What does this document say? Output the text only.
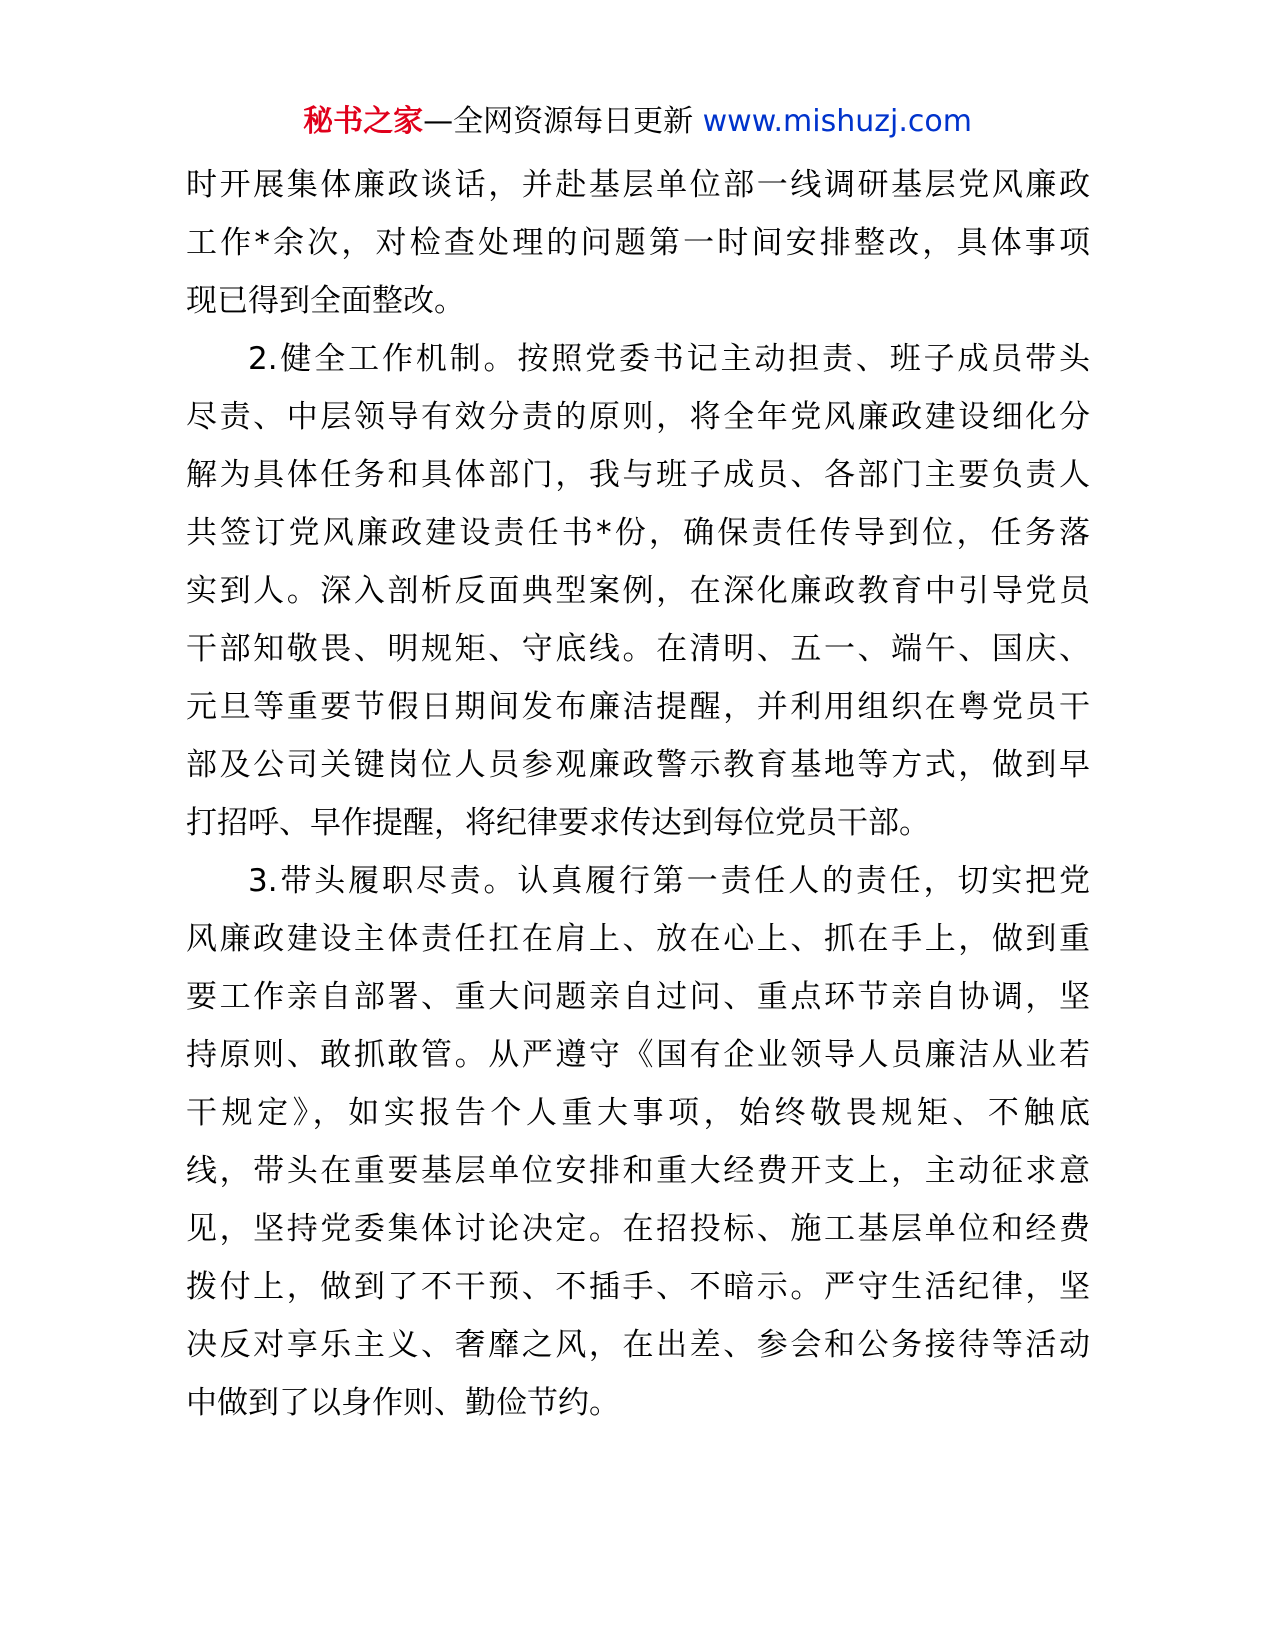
秘书之家—全网资源每日更新 www.mishuzj.com
时开展集体廉政谈话，并赴基层单位部一线调研基层党风廉政
工作*余次，对检查处理的问题第一时间安排整改，具体事项
现已得到全面整改。
2.健全工作机制。按照党委书记主动担责、班子成员带头
尽责、中层领导有效分责的原则，将全年党风廉政建设细化分
解为具体任务和具体部门，我与班子成员、各部门主要负责人
共签订党风廉政建设责任书*份，确保责任传导到位，任务落
实到人。深入剖析反面典型案例，在深化廉政教育中引导党员
干部知敬畏、明规矩、守底线。在清明、五一、端午、国庆、
元旦等重要节假日期间发布廉洁提醒，并利用组织在粤党员干
部及公司关键岗位人员参观廉政警示教育基地等方式，做到早
打招呼、早作提醒，将纪律要求传达到每位党员干部。
3.带头履职尽责。认真履行第一责任人的责任，切实把党
风廉政建设主体责任扛在肩上、放在心上、抓在手上，做到重
要工作亲自部署、重大问题亲自过问、重点环节亲自协调，坚
持原则、敢抓敢管。从严遵守《国有企业领导人员廉洁从业若
干规定》，如实报告个人重大事项，始终敬畏规矩、不触底
线，带头在重要基层单位安排和重大经费开支上，主动征求意
见，坚持党委集体讨论决定。在招投标、施工基层单位和经费
拨付上，做到了不干预、不插手、不暗示。严守生活纪律，坚
决反对享乐主义、奢靡之风，在出差、参会和公务接待等活动
中做到了以身作则、勤俭节约。
